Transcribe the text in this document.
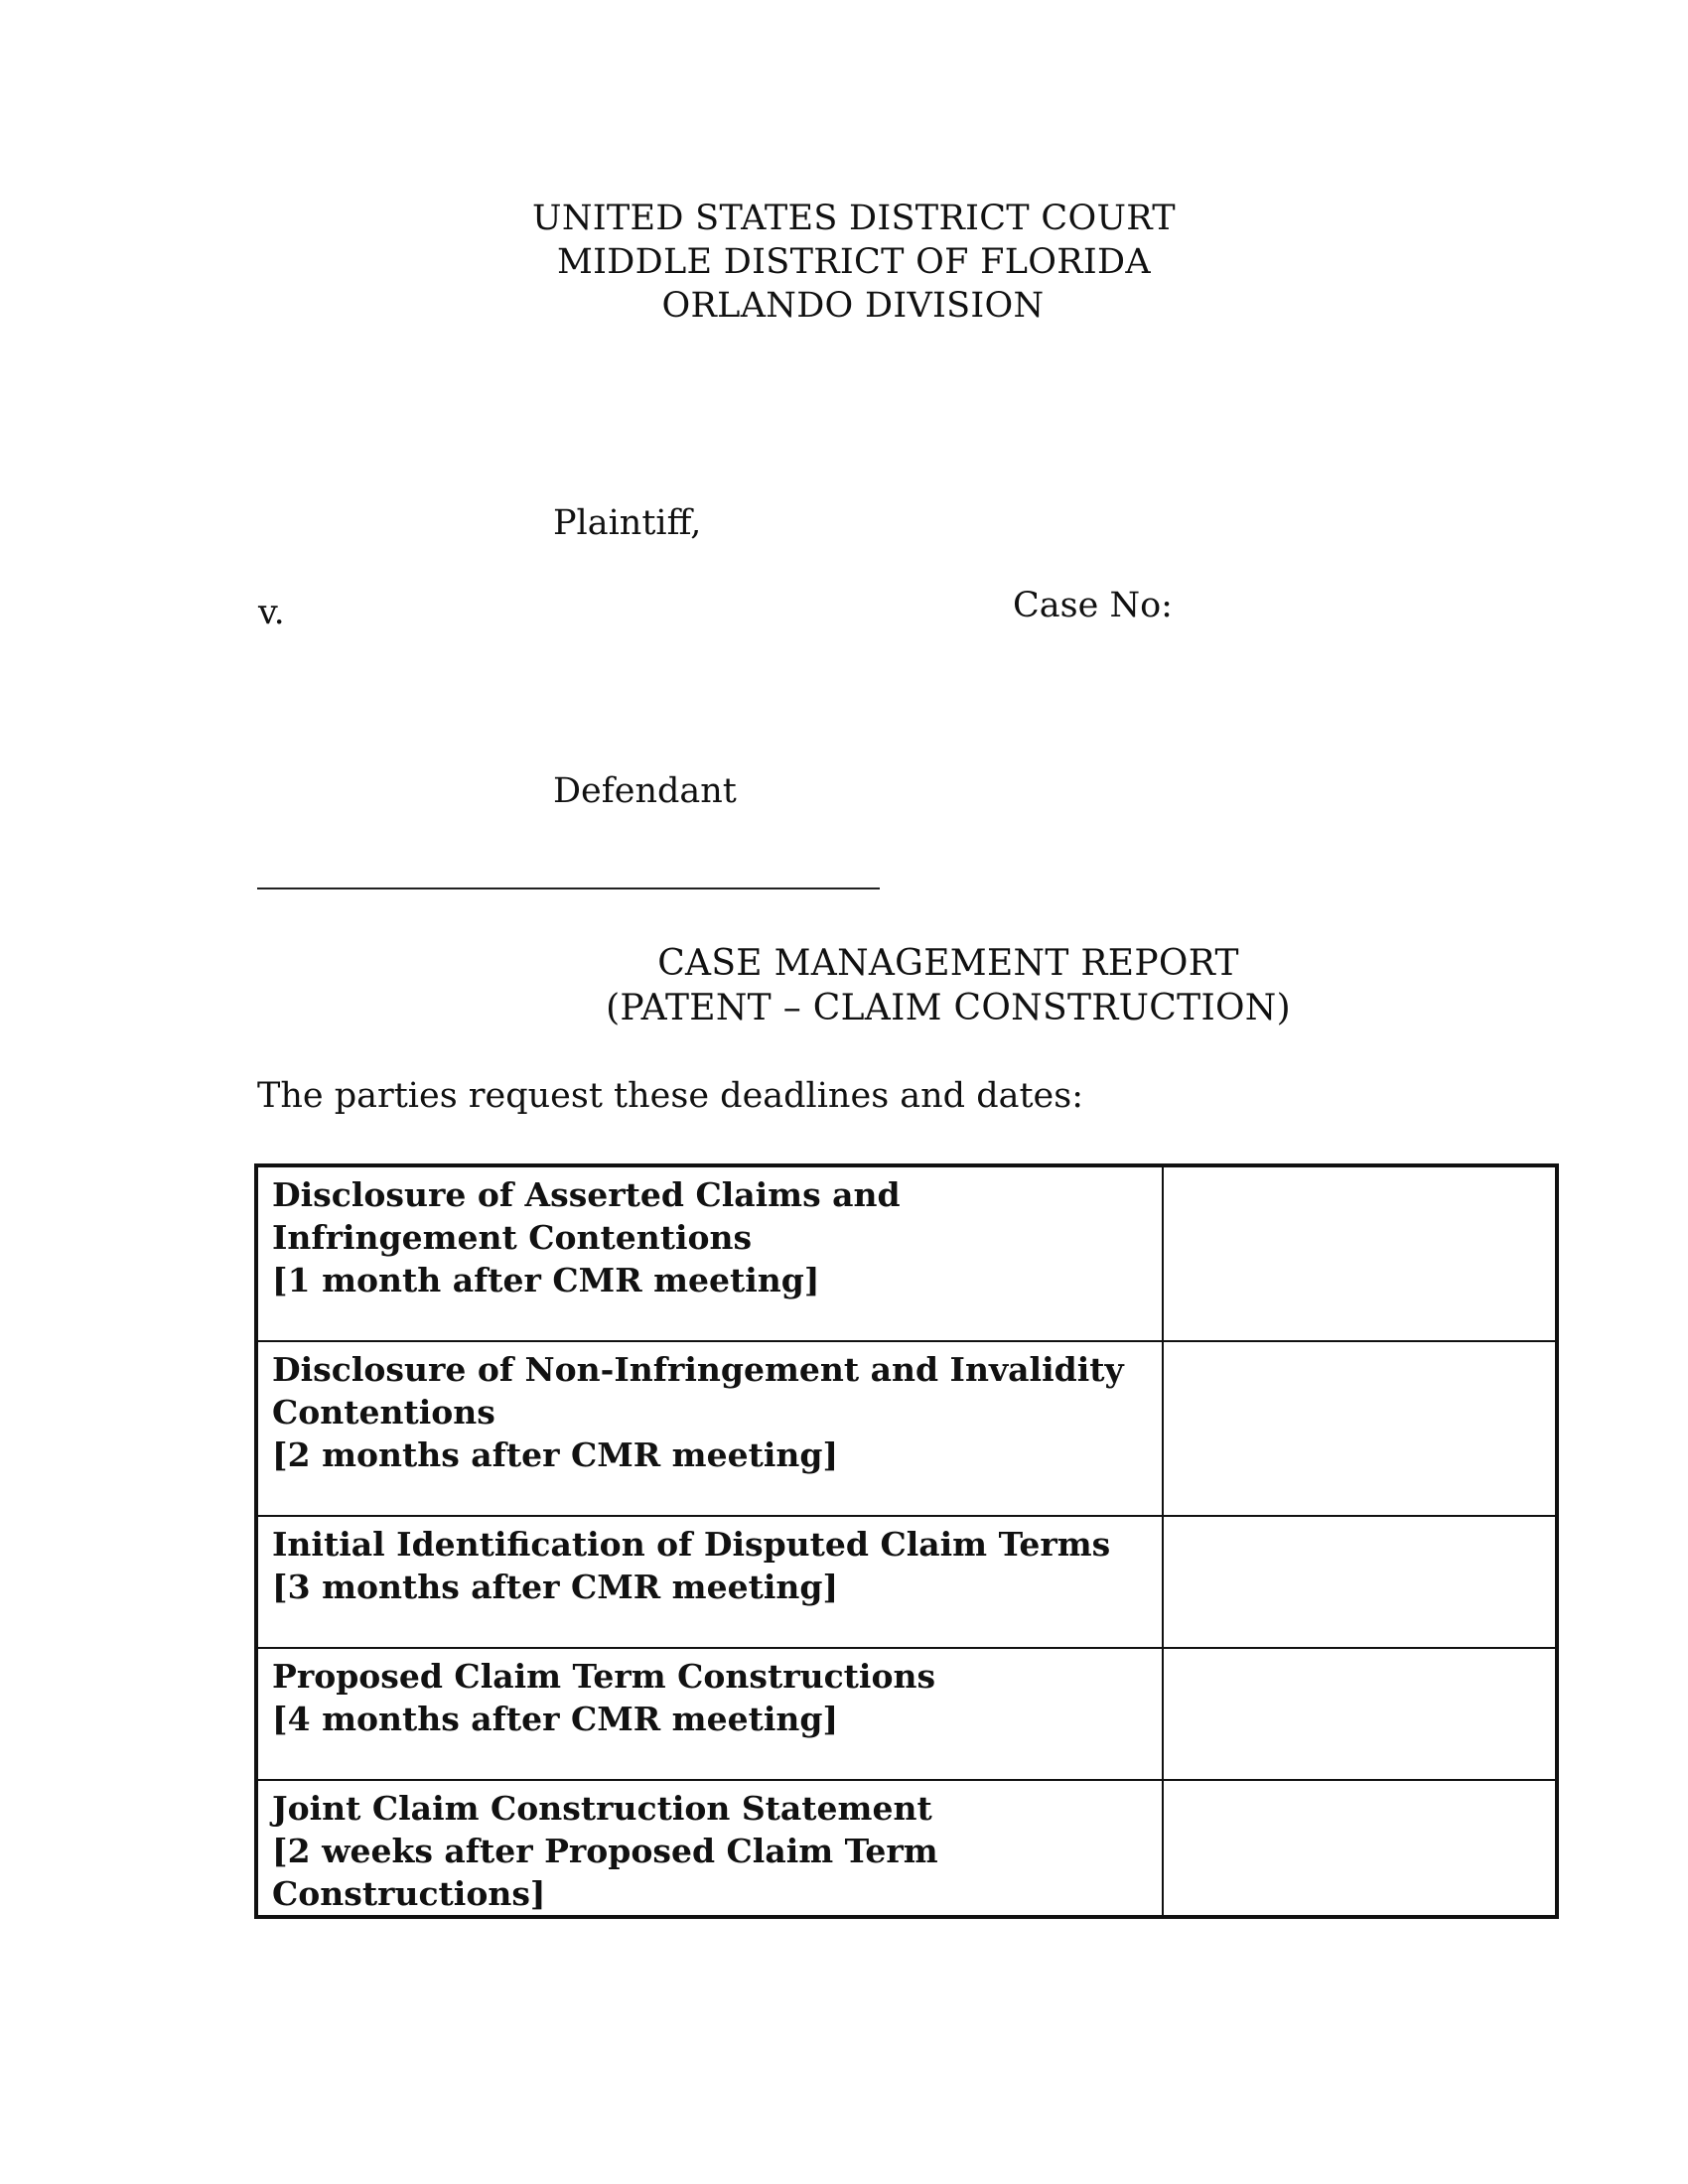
UNITED STATES DISTRICT COURT
MIDDLE DISTRICT OF FLORIDA
ORLANDO DIVISION
Plaintiff,
v.	Case No:
Defendant
CASE MANAGEMENT REPORT
(PATENT – CLAIM CONSTRUCTION)
The parties request these deadlines and dates:
Disclosure of Asserted Claims and Infringement Contentions
[1 month after CMR meeting]	

Disclosure of Non-Infringement and Invalidity Contentions
[2 months after CMR meeting]	

Initial Identification of Disputed Claim Terms
[3 months after CMR meeting]	

Proposed Claim Term Constructions
[4 months after CMR meeting]	

Joint Claim Construction Statement
[2 weeks after Proposed Claim Term Constructions]	
